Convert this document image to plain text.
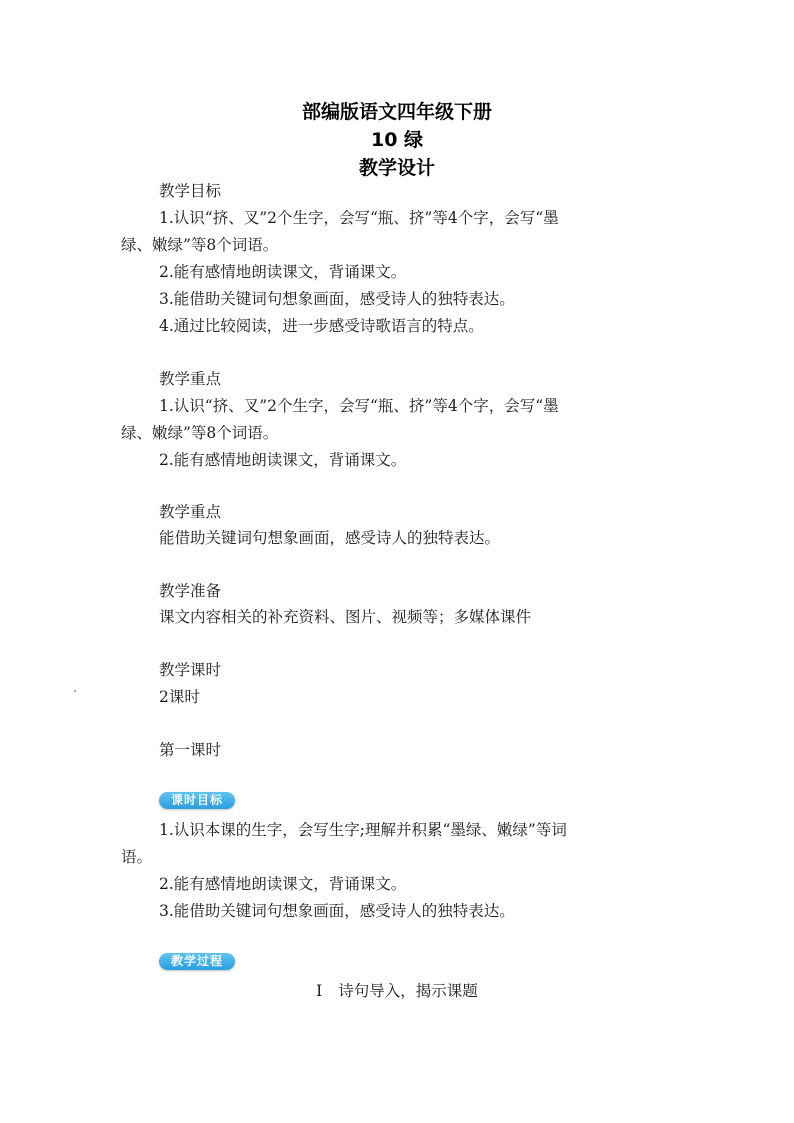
部编版语文四年级下册
10 绿
教学设计
教学目标
1.认识“挤、叉”2个生字，会写“瓶、挤”等4个字，会写“墨
绿、嫩绿”等8个词语。
2.能有感情地朗读课文，背诵课文。
3.能借助关键词句想象画面，感受诗人的独特表达。
4.通过比较阅读，进一步感受诗歌语言的特点。
教学重点
1.认识“挤、叉”2个生字，会写“瓶、挤”等4个字，会写“墨
绿、嫩绿”等8个词语。
2.能有感情地朗读课文，背诵课文。
教学重点
能借助关键词句想象画面，感受诗人的独特表达。
教学准备
课文内容相关的补充资料、图片、视频等；多媒体课件
教学课时
2课时
第一课时
课时目标
1.认识本课的生字，会写生字;理解并积累“墨绿、嫩绿”等词
语。
2.能有感情地朗读课文，背诵课文。
3.能借助关键词句想象画面，感受诗人的独特表达。
教学过程
Ⅰ 诗句导入，揭示课题
